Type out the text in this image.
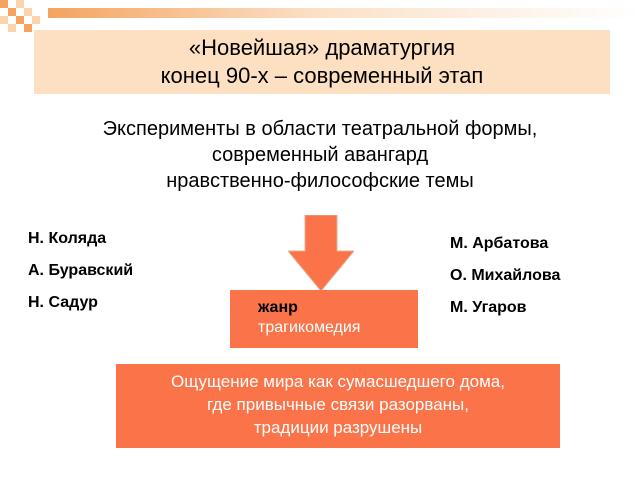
«Новейшая» драматургия
конец 90-х – современный этап
Эксперименты в области театральной формы,
современный авангард
нравственно-философские темы
Н. Коляда
А. Буравский
Н. Садур
М. Арбатова
О. Михайлова
М. Угаров
жанр
трагикомедия
Ощущение мира как сумасшедшего дома,
где привычные связи разорваны,
традиции разрушены
